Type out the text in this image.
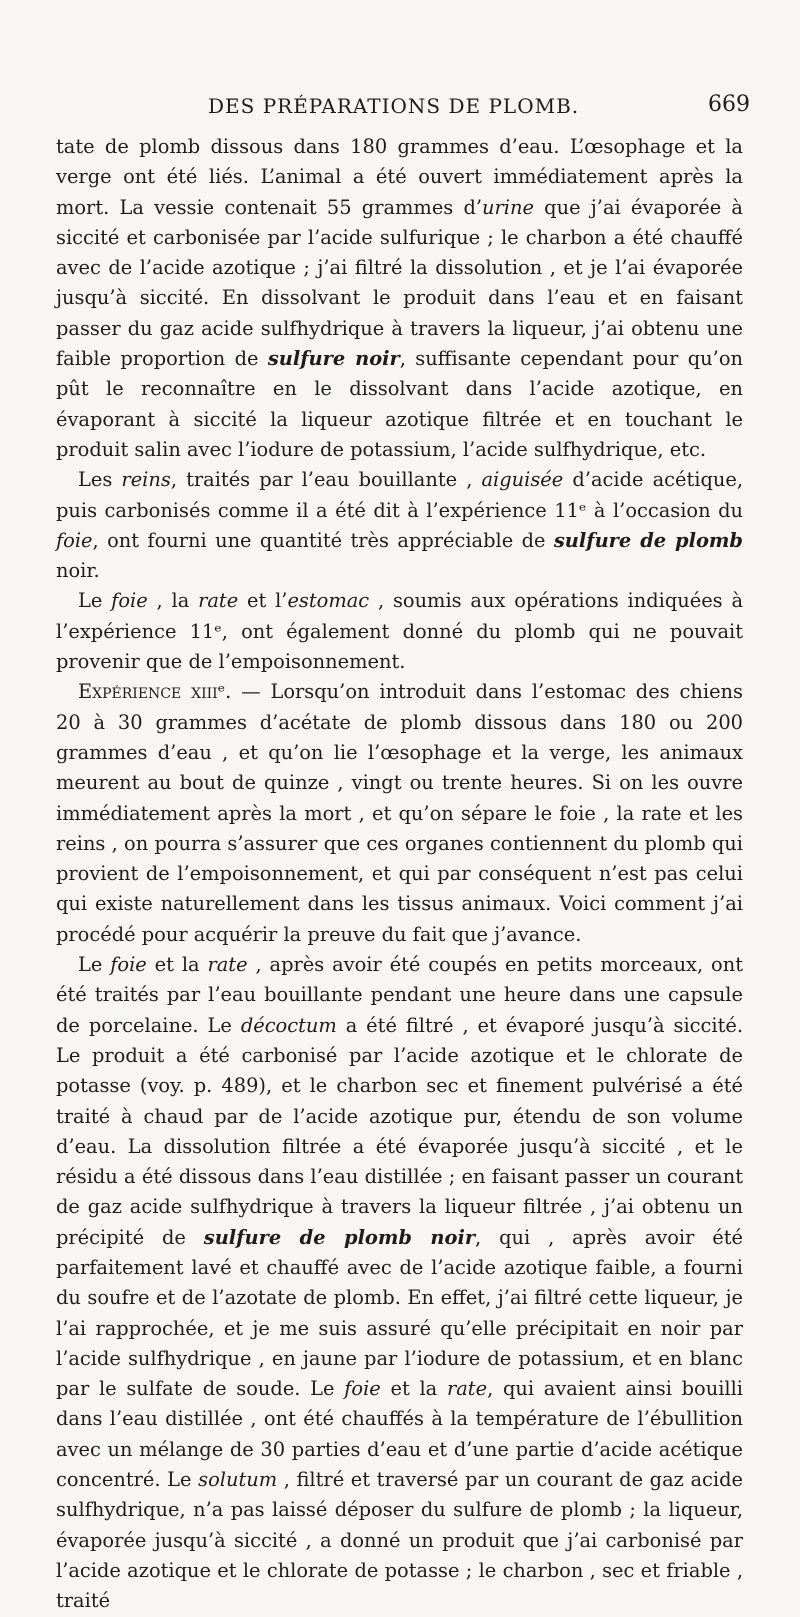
DES PRÉPARATIONS DE PLOMB.	669

tate de plomb dissous dans 180 grammes d’eau. L’œsophage et la verge ont été liés. L’animal a été ouvert immédiatement après la mort. La vessie contenait 55 grammes d’urine que j’ai évaporée à siccité et carbonisée par l’acide sulfurique ; le charbon a été chauffé avec de l’acide azotique ; j’ai filtré la dissolution , et je l’ai évaporée jusqu’à siccité. En dissolvant le produit dans l’eau et en faisant passer du gaz acide sulfhydrique à travers la liqueur, j’ai obtenu une faible proportion de sulfure noir, suffisante cependant pour qu’on pût le reconnaître en le dissolvant dans l’acide azotique, en évaporant à siccité la liqueur azotique filtrée et en touchant le produit salin avec l’iodure de potassium, l’acide sulfhydrique, etc.

Les reins, traités par l’eau bouillante , aiguisée d’acide acétique, puis carbonisés comme il a été dit à l’expérience 11ᵉ à l’occasion du foie, ont fourni une quantité très appréciable de sulfure de plomb noir.

Le foie , la rate et l’estomac , soumis aux opérations indiquées à l’expérience 11ᵉ, ont également donné du plomb qui ne pouvait provenir que de l’empoisonnement.

Expérience xiiiᵉ. — Lorsqu’on introduit dans l’estomac des chiens 20 à 30 grammes d’acétate de plomb dissous dans 180 ou 200 grammes d’eau , et qu’on lie l’œsophage et la verge, les animaux meurent au bout de quinze , vingt ou trente heures. Si on les ouvre immédiatement après la mort , et qu’on sépare le foie , la rate et les reins , on pourra s’assurer que ces organes contiennent du plomb qui provient de l’empoisonnement, et qui par conséquent n’est pas celui qui existe naturellement dans les tissus animaux. Voici comment j’ai procédé pour acquérir la preuve du fait que j’avance.

Le foie et la rate , après avoir été coupés en petits morceaux, ont été traités par l’eau bouillante pendant une heure dans une capsule de porcelaine. Le décoctum a été filtré , et évaporé jusqu’à siccité. Le produit a été carbonisé par l’acide azotique et le chlorate de potasse (voy. p. 489), et le charbon sec et finement pulvérisé a été traité à chaud par de l’acide azotique pur, étendu de son volume d’eau. La dissolution filtrée a été évaporée jusqu’à siccité , et le résidu a été dissous dans l’eau distillée ; en faisant passer un courant de gaz acide sulfhydrique à travers la liqueur filtrée , j’ai obtenu un précipité de sulfure de plomb noir, qui , après avoir été parfaitement lavé et chauffé avec de l’acide azotique faible, a fourni du soufre et de l’azotate de plomb. En effet, j’ai filtré cette liqueur, je l’ai rapprochée, et je me suis assuré qu’elle précipitait en noir par l’acide sulfhydrique , en jaune par l’iodure de potassium, et en blanc par le sulfate de soude. Le foie et la rate, qui avaient ainsi bouilli dans l’eau distillée , ont été chauffés à la température de l’ébullition avec un mélange de 30 parties d’eau et d’une partie d’acide acétique concentré. Le solutum , filtré et traversé par un courant de gaz acide sulfhydrique, n’a pas laissé déposer du sulfure de plomb ; la liqueur, évaporée jusqu’à siccité , a donné un produit que j’ai carbonisé par l’acide azotique et le chlorate de potasse ; le charbon , sec et friable , traité
